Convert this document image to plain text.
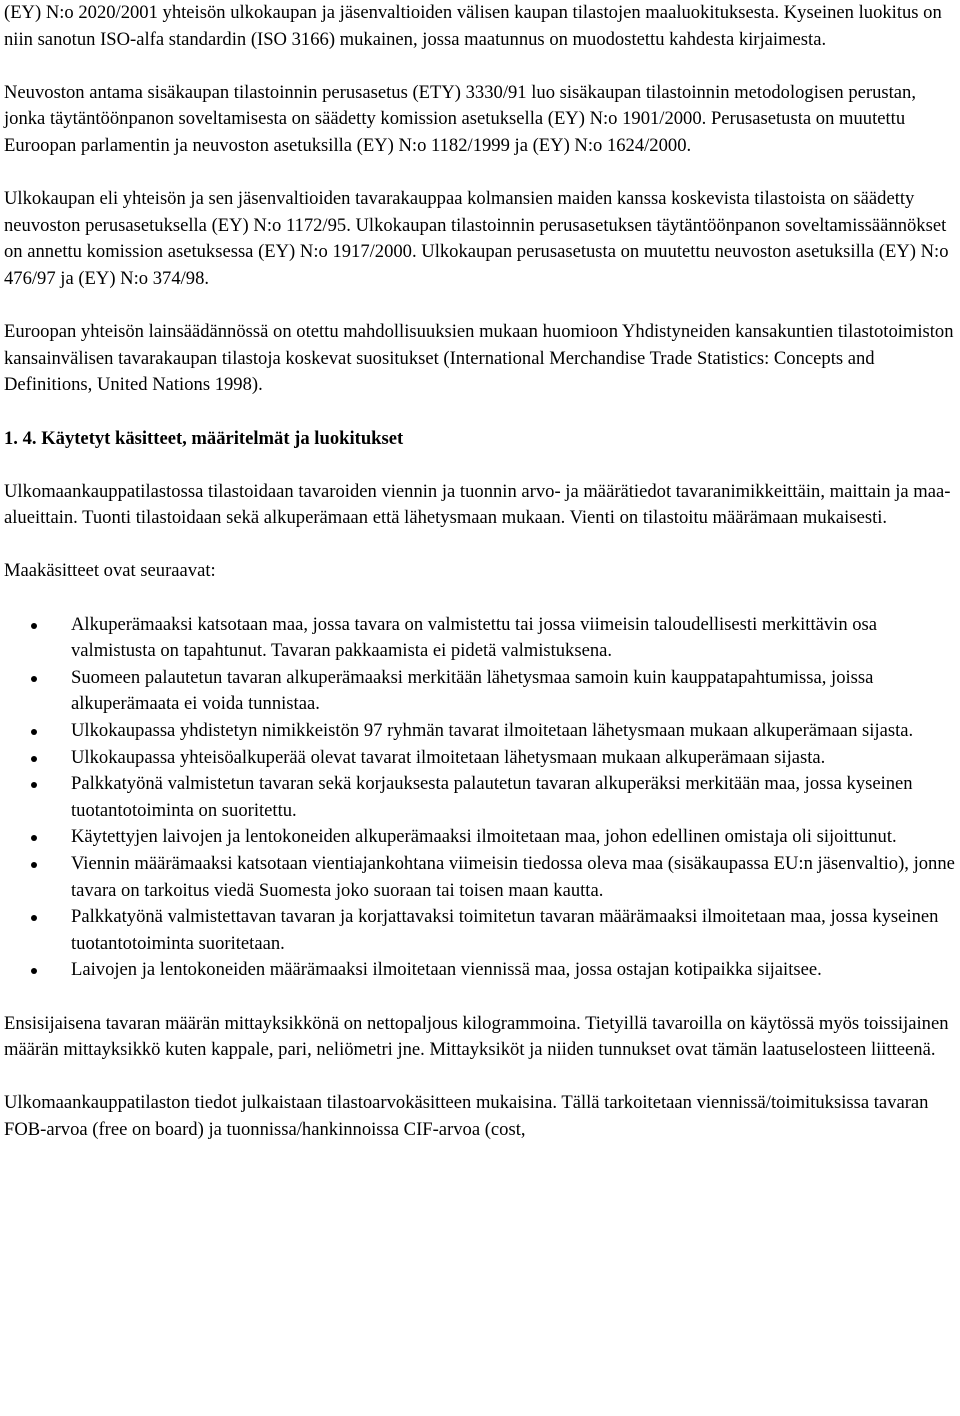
(EY) N:o 2020/2001 yhteisön ulkokaupan ja jäsenvaltioiden välisen kaupan tilastojen maaluokituksesta. Kyseinen luokitus on niin sanotun ISO-alfa standardin (ISO 3166) mukainen, jossa maatunnus on muodostettu kahdesta kirjaimesta.

Neuvoston antama sisäkaupan tilastoinnin perusasetus (ETY) 3330/91 luo sisäkaupan tilastoinnin metodologisen perustan, jonka täytäntöönpanon soveltamisesta on säädetty komission asetuksella (EY) N:o 1901/2000. Perusasetusta on muutettu Euroopan parlamentin ja neuvoston asetuksilla (EY) N:o 1182/1999 ja (EY) N:o 1624/2000.

Ulkokaupan eli yhteisön ja sen jäsenvaltioiden tavarakauppaa kolmansien maiden kanssa koskevista tilastoista on säädetty neuvoston perusasetuksella (EY) N:o 1172/95. Ulkokaupan tilastoinnin perusasetuksen täytäntöönpanon soveltamissäännökset on annettu komission asetuksessa (EY) N:o 1917/2000. Ulkokaupan perusasetusta on muutettu neuvoston asetuksilla (EY) N:o 476/97 ja (EY) N:o 374/98.

Euroopan yhteisön lainsäädännössä on otettu mahdollisuuksien mukaan huomioon Yhdistyneiden kansakuntien tilastotoimiston kansainvälisen tavarakaupan tilastoja koskevat suositukset (International Merchandise Trade Statistics: Concepts and Definitions, United Nations 1998).

1. 4. Käytetyt käsitteet, määritelmät ja luokitukset

Ulkomaankauppatilastossa tilastoidaan tavaroiden viennin ja tuonnin arvo- ja määrätiedot tavaranimikkeittäin, maittain ja maa-alueittain. Tuonti tilastoidaan sekä alkuperämaan että lähetysmaan mukaan. Vienti on tilastoitu määrämaan mukaisesti.

Maakäsitteet ovat seuraavat:

Alkuperämaaksi katsotaan maa, jossa tavara on valmistettu tai jossa viimeisin taloudellisesti merkittävin osa valmistusta on tapahtunut. Tavaran pakkaamista ei pidetä valmistuksena.
Suomeen palautetun tavaran alkuperämaaksi merkitään lähetysmaa samoin kuin kauppatapahtumissa, joissa alkuperämaata ei voida tunnistaa.
Ulkokaupassa yhdistetyn nimikkeistön 97 ryhmän tavarat ilmoitetaan lähetysmaan mukaan alkuperämaan sijasta.
Ulkokaupassa yhteisöalkuperää olevat tavarat ilmoitetaan lähetysmaan mukaan alkuperämaan sijasta.
Palkkatyönä valmistetun tavaran sekä korjauksesta palautetun tavaran alkuperäksi merkitään maa, jossa kyseinen tuotantotoiminta on suoritettu.
Käytettyjen laivojen ja lentokoneiden alkuperämaaksi ilmoitetaan maa, johon edellinen omistaja oli sijoittunut.
Viennin määrämaaksi katsotaan vientiajankohtana viimeisin tiedossa oleva maa (sisäkaupassa EU:n jäsenvaltio), jonne tavara on tarkoitus viedä Suomesta joko suoraan tai toisen maan kautta.
Palkkatyönä valmistettavan tavaran ja korjattavaksi toimitetun tavaran määrämaaksi ilmoitetaan maa, jossa kyseinen tuotantotoiminta suoritetaan.
Laivojen ja lentokoneiden määrämaaksi ilmoitetaan viennissä maa, jossa ostajan kotipaikka sijaitsee.

Ensisijaisena tavaran määrän mittayksikkönä on nettopaljous kilogrammoina. Tietyillä tavaroilla on käytössä myös toissijainen määrän mittayksikkö kuten kappale, pari, neliömetri jne. Mittayksiköt ja niiden tunnukset ovat tämän laatuselosteen liitteenä.

Ulkomaankauppatilaston tiedot julkaistaan tilastoarvokäsitteen mukaisina. Tällä tarkoitetaan viennissä/toimituksissa tavaran FOB-arvoa (free on board) ja tuonnissa/hankinnoissa CIF-arvoa (cost,
